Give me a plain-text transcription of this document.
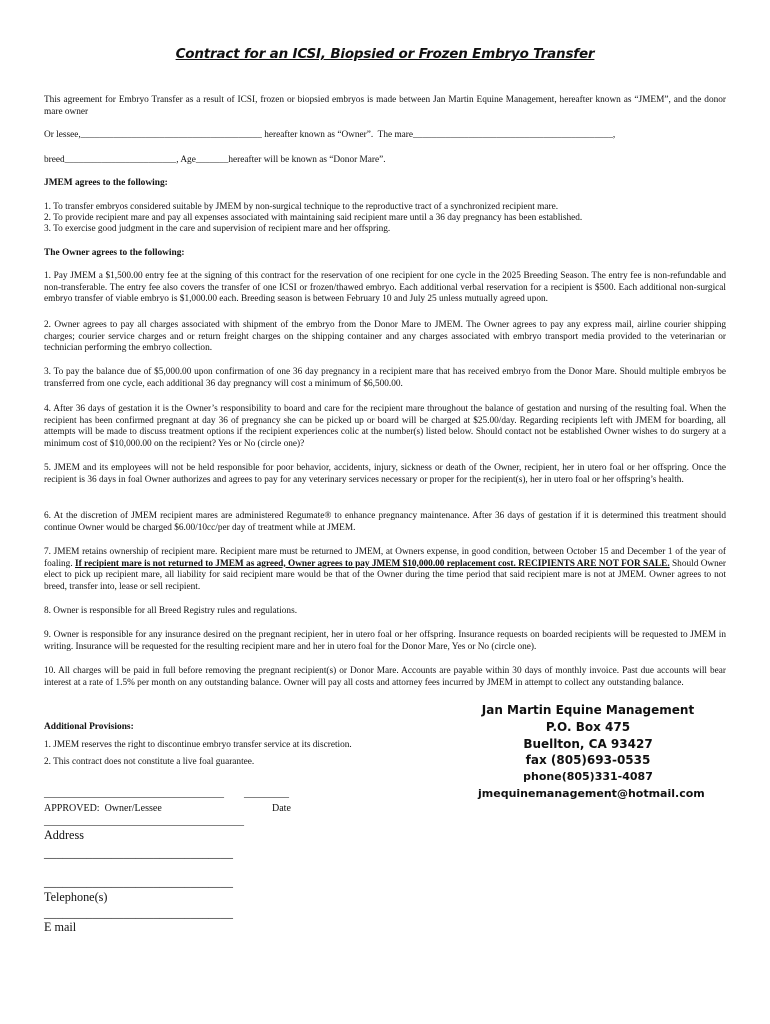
Contract for an ICSI, Biopsied or Frozen Embryo Transfer
This agreement for Embryo Transfer as a result of ICSI, frozen or biopsied embryos is made between Jan Martin Equine Management, hereafter known as “JMEM”, and the donor mare owner
Or lessee,_______________________________________ hereafter known as “Owner”.  The mare___________________________________________,
breed________________________, Age_______hereafter will be known as “Donor Mare”.
JMEM agrees to the following:
1. To transfer embryos considered suitable by JMEM by non-surgical technique to the reproductive tract of a synchronized recipient mare.
2. To provide recipient mare and pay all expenses associated with maintaining said recipient mare until a 36 day pregnancy has been established.
3. To exercise good judgment in the care and supervision of recipient mare and her offspring.
The Owner agrees to the following:
1. Pay JMEM a $1,500.00 entry fee at the signing of this contract for the reservation of one recipient for one cycle in the 2025 Breeding Season. The entry fee is non-refundable and non-transferable. The entry fee also covers the transfer of one ICSI or frozen/thawed embryo. Each additional verbal reservation for a recipient is $500. Each additional non-surgical embryo transfer of viable embryo is $1,000.00 each. Breeding season is between February 10 and July 25 unless mutually agreed upon.
2. Owner agrees to pay all charges associated with shipment of the embryo from the Donor Mare to JMEM. The Owner agrees to pay any express mail, airline courier shipping charges; courier service charges and or return freight charges on the shipping container and any charges associated with embryo transport media provided to the veterinarian or technician performing the embryo collection.
3. To pay the balance due of $5,000.00 upon confirmation of one 36 day pregnancy in a recipient mare that has received embryo from the Donor Mare. Should multiple embryos be transferred from one cycle, each additional 36 day pregnancy will cost a minimum of $6,500.00.
4. After 36 days of gestation it is the Owner’s responsibility to board and care for the recipient mare throughout the balance of gestation and nursing of the resulting foal. When the recipient has been confirmed pregnant at day 36 of pregnancy she can be picked up or board will be charged at $25.00/day. Regarding recipients left with JMEM for boarding, all attempts will be made to discuss treatment options if the recipient experiences colic at the number(s) listed below. Should contact not be established Owner wishes to do surgery at a minimum cost of $10,000.00 on the recipient? Yes or No (circle one)?
5. JMEM and its employees will not be held responsible for poor behavior, accidents, injury, sickness or death of the Owner, recipient, her in utero foal or her offspring. Once the recipient is 36 days in foal Owner authorizes and agrees to pay for any veterinary services necessary or proper for the recipient(s), her in utero foal or her offspring’s health.
6. At the discretion of JMEM recipient mares are administered Regumate® to enhance pregnancy maintenance. After 36 days of gestation if it is determined this treatment should continue Owner would be charged $6.00/10cc/per day of treatment while at JMEM.
7. JMEM retains ownership of recipient mare. Recipient mare must be returned to JMEM, at Owners expense, in good condition, between October 15 and December 1 of the year of foaling. If recipient mare is not returned to JMEM as agreed, Owner agrees to pay JMEM $10,000.00 replacement cost. RECIPIENTS ARE NOT FOR SALE. Should Owner elect to pick up recipient mare, all liability for said recipient mare would be that of the Owner during the time period that said recipient mare is not at JMEM. Owner agrees to not breed, transfer into, lease or sell recipient.
8. Owner is responsible for all Breed Registry rules and regulations.
9. Owner is responsible for any insurance desired on the pregnant recipient, her in utero foal or her offspring. Insurance requests on boarded recipients will be requested to JMEM in writing. Insurance will be requested for the resulting recipient mare and her in utero foal for the Donor Mare, Yes or No (circle one).
10. All charges will be paid in full before removing the pregnant recipient(s) or Donor Mare. Accounts are payable within 30 days of monthly invoice. Past due accounts will bear interest at a rate of 1.5% per month on any outstanding balance. Owner will pay all costs and attorney fees incurred by JMEM in attempt to collect any outstanding balance.
Additional Provisions:
1. JMEM reserves the right to discontinue embryo transfer service at its discretion.
2. This contract does not constitute a live foal guarantee.
Jan Martin Equine Management
P.O. Box 475
Buellton, CA 93427
fax (805)693-0535
phone(805)331-4087
jmequinemanagement@hotmail.com
____________________________________        _________
APPROVED:  Owner/Lessee	Date
________________________________________
Address
_______________________________
_______________________________
Telephone(s)
_______________________________
E mail
